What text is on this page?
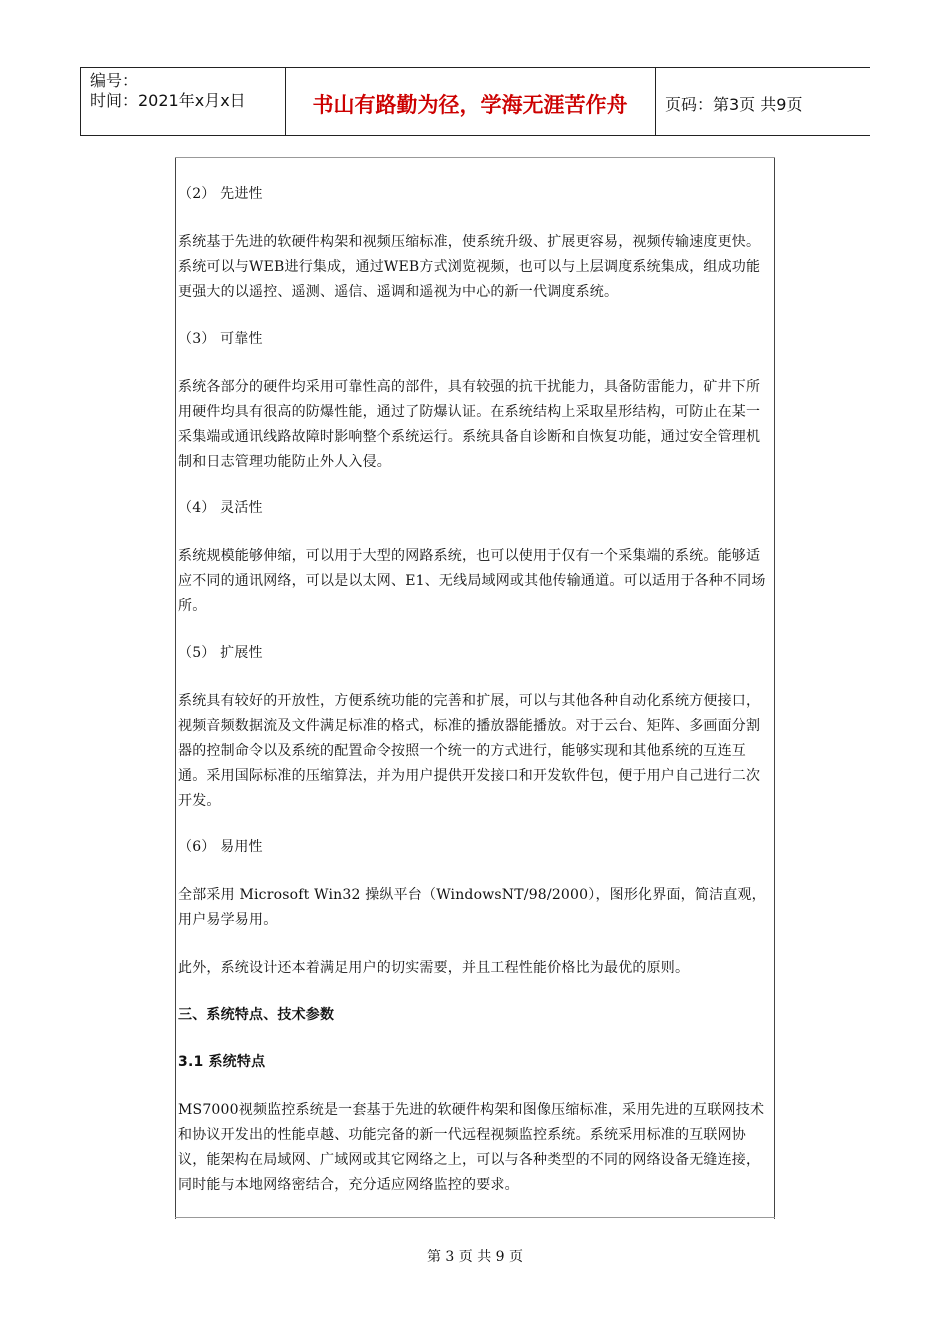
编号：
时间：2021年x月x日	书山有路勤为径，学海无涯苦作舟	页码：第3页 共9页
（2） 先进性
系统基于先进的软硬件构架和视频压缩标准，使系统升级、扩展更容易，视频传输速度更快。系统可以与WEB进行集成，通过WEB方式浏览视频，也可以与上层调度系统集成，组成功能更强大的以遥控、遥测、遥信、遥调和遥视为中心的新一代调度系统。
（3） 可靠性
系统各部分的硬件均采用可靠性高的部件，具有较强的抗干扰能力，具备防雷能力，矿井下所用硬件均具有很高的防爆性能，通过了防爆认证。在系统结构上采取星形结构，可防止在某一采集端或通讯线路故障时影响整个系统运行。系统具备自诊断和自恢复功能，通过安全管理机制和日志管理功能防止外人入侵。
（4） 灵活性
系统规模能够伸缩，可以用于大型的网路系统，也可以使用于仅有一个采集端的系统。能够适应不同的通讯网络，可以是以太网、E1、无线局域网或其他传输通道。可以适用于各种不同场所。
（5） 扩展性
系统具有较好的开放性，方便系统功能的完善和扩展，可以与其他各种自动化系统方便接口，视频音频数据流及文件满足标准的格式，标准的播放器能播放。对于云台、矩阵、多画面分割器的控制命令以及系统的配置命令按照一个统一的方式进行，能够实现和其他系统的互连互通。采用国际标准的压缩算法，并为用户提供开发接口和开发软件包，便于用户自己进行二次开发。
（6） 易用性
全部采用 Microsoft Win32 操纵平台（WindowsNT/98/2000），图形化界面，简洁直观，用户易学易用。
此外，系统设计还本着满足用户的切实需要，并且工程性能价格比为最优的原则。
三、系统特点、技术参数
3.1 系统特点
MS7000视频监控系统是一套基于先进的软硬件构架和图像压缩标准，采用先进的互联网技术和协议开发出的性能卓越、功能完备的新一代远程视频监控系统。系统采用标准的互联网协议，能架构在局域网、广域网或其它网络之上，可以与各种类型的不同的网络设备无缝连接，同时能与本地网络密结合，充分适应网络监控的要求。
第 3 页 共 9 页
